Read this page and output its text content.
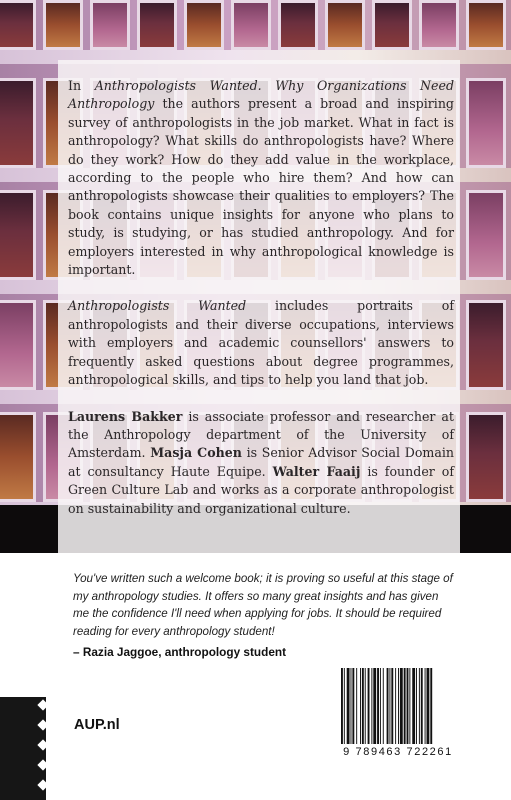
In Anthropologists Wanted. Why Organizations Need Anthropology the authors present a broad and inspiring survey of anthropologists in the job market. What in fact is anthropology? What skills do anthropologists have? Where do they work? How do they add value in the workplace, according to the people who hire them? And how can anthropologists showcase their qualities to employers? The book contains unique insights for anyone who plans to study, is studying, or has studied anthropology. And for employers interested in why anthropological knowledge is important.

Anthropologists Wanted includes portraits of anthropologists and their diverse occupations, interviews with employers and academic counsellors' answers to frequently asked questions about degree programmes, anthropological skills, and tips to help you land that job.

Laurens Bakker is associate professor and researcher at the Anthropology department of the University of Amsterdam. Masja Cohen is Senior Advisor Social Domain at consultancy Haute Equipe. Walter Faaij is founder of Green Culture Lab and works as a corporate anthropologist on sustainability and organizational culture.

You've written such a welcome book; it is proving so useful at this stage of my anthropology studies. It offers so many great insights and has given me the confidence I'll need when applying for jobs. It should be required reading for every anthropology student!
– Razia Jaggoe, anthropology student
AUP.nl
9 789463 722261
